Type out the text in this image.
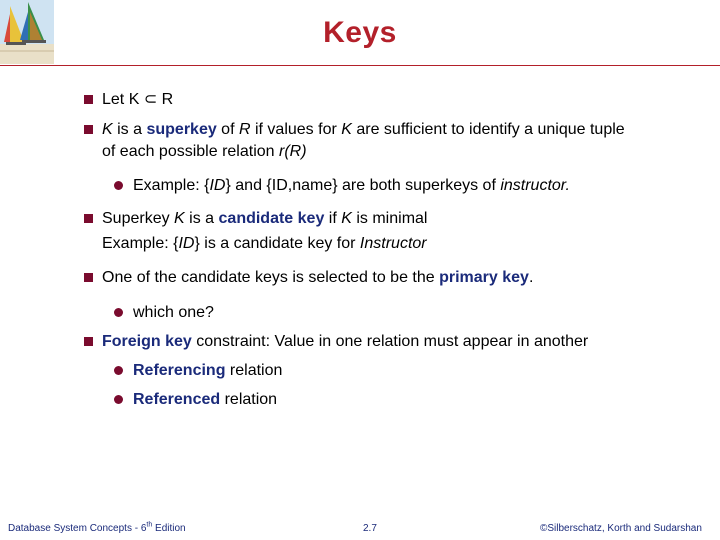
Keys
Let K ⊂ R
K is a superkey of R if values for K are sufficient to identify a unique tuple
of each possible relation r(R)
Example: {ID} and {ID,name} are both superkeys of instructor.
Superkey K is a candidate key if K is minimal
Example: {ID} is a candidate key for Instructor
One of the candidate keys is selected to be the primary key.
which one?
Foreign key constraint: Value in one relation must appear in another
Referencing relation
Referenced relation
Database System Concepts - 6th Edition	2.7	©Silberschatz, Korth and Sudarshan
